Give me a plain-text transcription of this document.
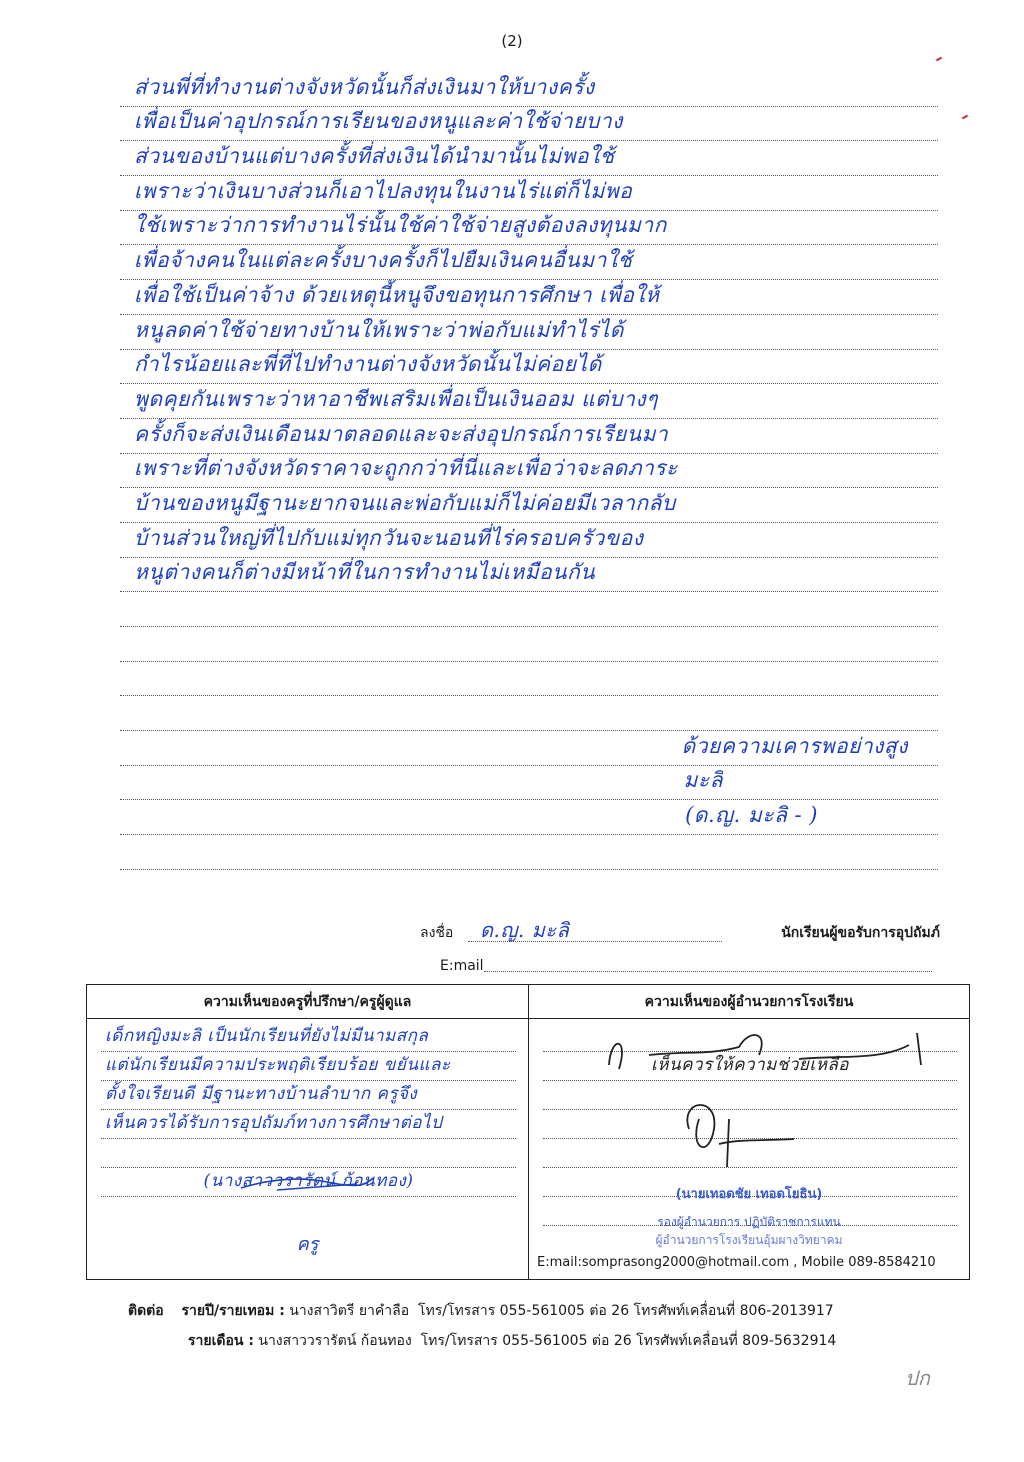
(2)
ส่วนพี่ที่ทำงานต่างจังหวัดนั้นก็ส่งเงินมาให้บางครั้ง
เพื่อเป็นค่าอุปกรณ์การเรียนของหนูและค่าใช้จ่ายบาง
ส่วนของบ้านแต่บางครั้งที่ส่งเงินได้นำมานั้นไม่พอใช้
เพราะว่าเงินบางส่วนก็เอาไปลงทุนในงานไร่แต่ก็ไม่พอ
ใช้เพราะว่าการทำงานไร่นั้นใช้ค่าใช้จ่ายสูงต้องลงทุนมาก
เพื่อจ้างคนในแต่ละครั้งบางครั้งก็ไปยืมเงินคนอื่นมาใช้
เพื่อใช้เป็นค่าจ้าง ด้วยเหตุนี้หนูจึงขอทุนการศึกษา เพื่อให้
หนูลดค่าใช้จ่ายทางบ้านให้เพราะว่าพ่อกับแม่ทำไร่ได้
กำไรน้อยและพี่ที่ไปทำงานต่างจังหวัดนั้นไม่ค่อยได้
พูดคุยกันเพราะว่าหาอาชีพเสริมเพื่อเป็นเงินออม แต่บางๆ
ครั้งก็จะส่งเงินเดือนมาตลอดและจะส่งอุปกรณ์การเรียนมา
เพราะที่ต่างจังหวัดราคาจะถูกกว่าที่นี่และเพื่อว่าจะลดภาระ
บ้านของหนูมีฐานะยากจนและพ่อกับแม่ก็ไม่ค่อยมีเวลากลับ
บ้านส่วนใหญ่ที่ไปกับแม่ทุกวันจะนอนที่ไร่ครอบครัวของ
หนูต่างคนก็ต่างมีหน้าที่ในการทำงานไม่เหมือนกัน
ด้วยความเคารพอย่างสูง
มะลิ
(ด.ญ. มะลิ - )
ลงชื่อ ด.ญ. มะลิ	นักเรียนผู้ขอรับการอุปถัมภ์
E:mail
ความเห็นของครูที่ปรึกษา/ครูผู้ดูแล
เด็กหญิงมะลิ เป็นนักเรียนที่ยังไม่มีนามสกุล
แต่นักเรียนมีความประพฤติเรียบร้อย ขยันและ
ตั้งใจเรียนดี มีฐานะทางบ้านลำบาก ครูจึง
เห็นควรได้รับการอุปถัมภ์ทางการศึกษาต่อไป
(นางสาววรารัตน์ ก้อนทอง)
ครู
ความเห็นของผู้อำนวยการโรงเรียน
เห็นควรให้ความช่วยเหลือ
(นายเทอดชัย เทอดโยธิน)
รองผู้อำนวยการ ปฏิบัติราชการแทน
ผู้อำนวยการโรงเรียนอุ้มผางวิทยาคม
E:mail:somprasong2000@hotmail.com , Mobile 089-8584210
ติดต่อ รายปี/รายเทอม : นางสาวิตรี ยาคำลือ โทร/โทรสาร 055-561005 ต่อ 26 โทรศัพท์เคลื่อนที่ 806-2013917
รายเดือน : นางสาววรารัตน์ ก้อนทอง โทร/โทรสาร 055-561005 ต่อ 26 โทรศัพท์เคลื่อนที่ 809-5632914
ปก
